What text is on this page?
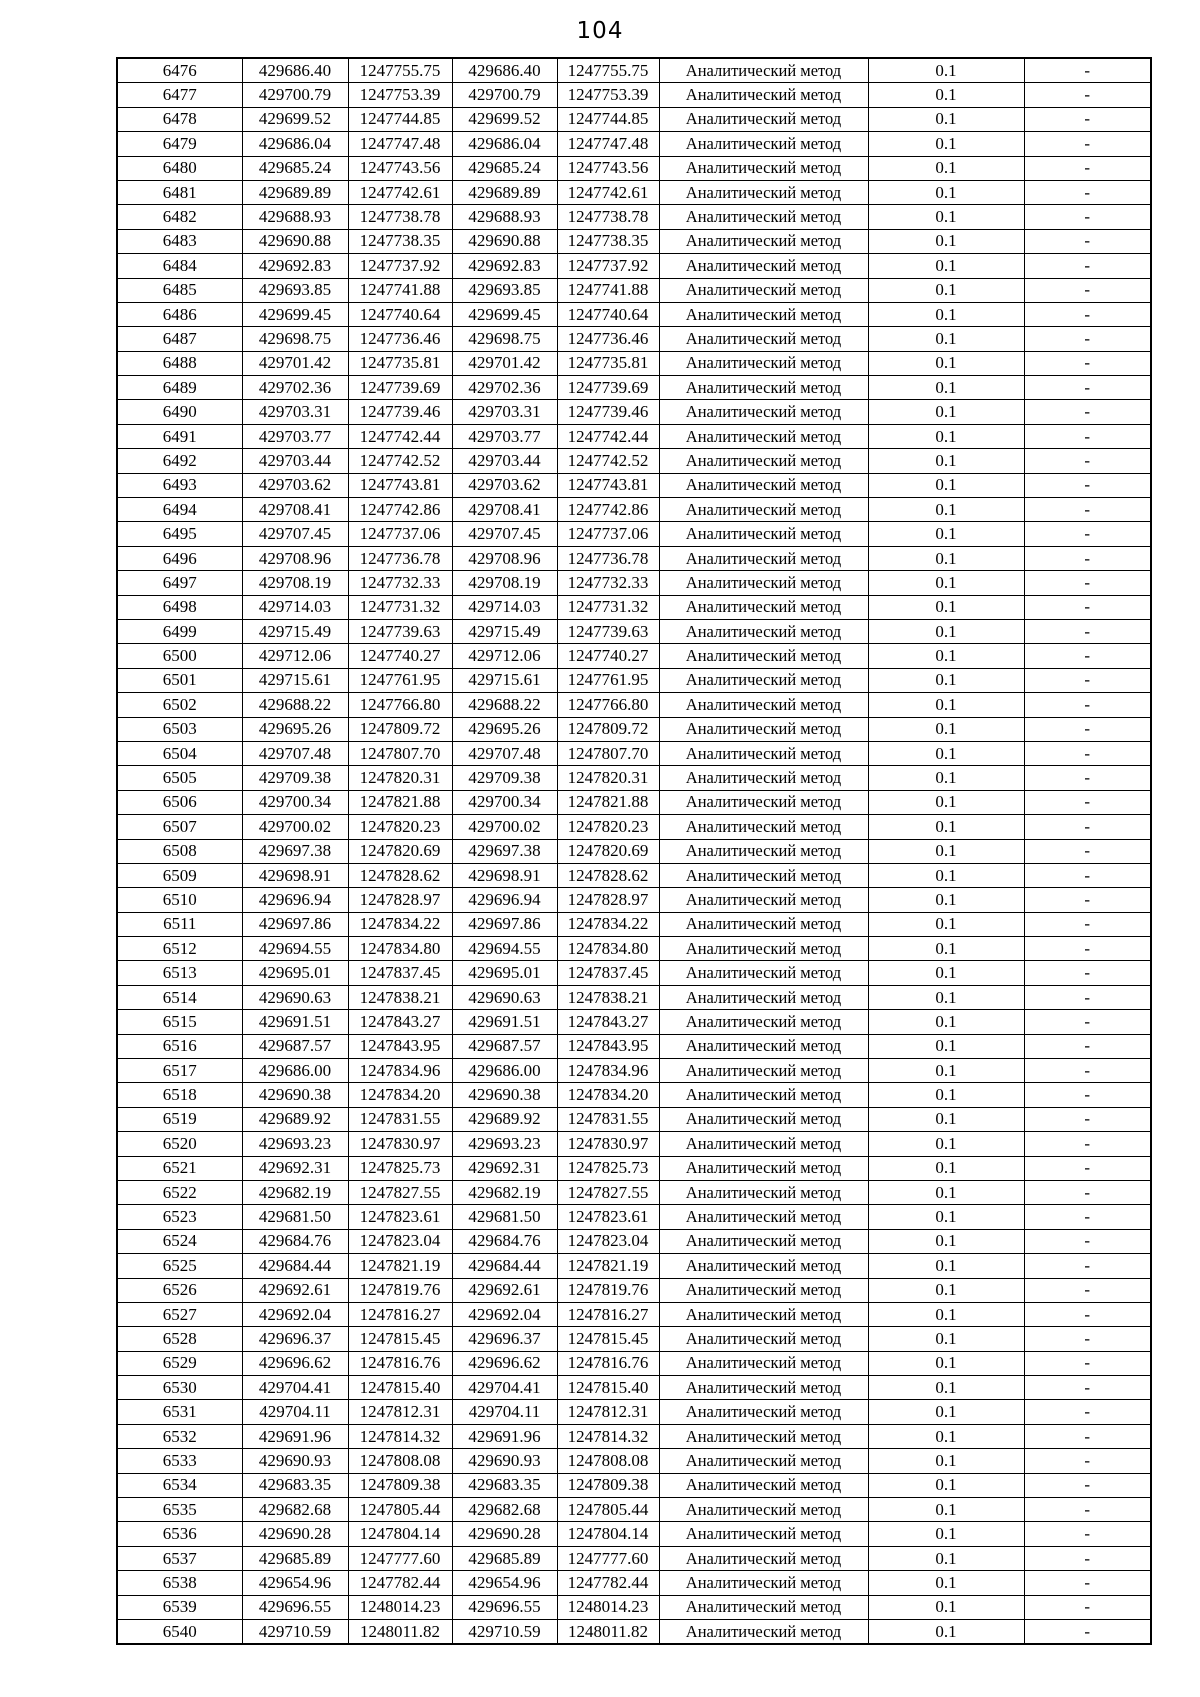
104
6476	429686.40	1247755.75	429686.40	1247755.75	Аналитический метод	0.1	-
6477	429700.79	1247753.39	429700.79	1247753.39	Аналитический метод	0.1	-
6478	429699.52	1247744.85	429699.52	1247744.85	Аналитический метод	0.1	-
6479	429686.04	1247747.48	429686.04	1247747.48	Аналитический метод	0.1	-
6480	429685.24	1247743.56	429685.24	1247743.56	Аналитический метод	0.1	-
6481	429689.89	1247742.61	429689.89	1247742.61	Аналитический метод	0.1	-
6482	429688.93	1247738.78	429688.93	1247738.78	Аналитический метод	0.1	-
6483	429690.88	1247738.35	429690.88	1247738.35	Аналитический метод	0.1	-
6484	429692.83	1247737.92	429692.83	1247737.92	Аналитический метод	0.1	-
6485	429693.85	1247741.88	429693.85	1247741.88	Аналитический метод	0.1	-
6486	429699.45	1247740.64	429699.45	1247740.64	Аналитический метод	0.1	-
6487	429698.75	1247736.46	429698.75	1247736.46	Аналитический метод	0.1	-
6488	429701.42	1247735.81	429701.42	1247735.81	Аналитический метод	0.1	-
6489	429702.36	1247739.69	429702.36	1247739.69	Аналитический метод	0.1	-
6490	429703.31	1247739.46	429703.31	1247739.46	Аналитический метод	0.1	-
6491	429703.77	1247742.44	429703.77	1247742.44	Аналитический метод	0.1	-
6492	429703.44	1247742.52	429703.44	1247742.52	Аналитический метод	0.1	-
6493	429703.62	1247743.81	429703.62	1247743.81	Аналитический метод	0.1	-
6494	429708.41	1247742.86	429708.41	1247742.86	Аналитический метод	0.1	-
6495	429707.45	1247737.06	429707.45	1247737.06	Аналитический метод	0.1	-
6496	429708.96	1247736.78	429708.96	1247736.78	Аналитический метод	0.1	-
6497	429708.19	1247732.33	429708.19	1247732.33	Аналитический метод	0.1	-
6498	429714.03	1247731.32	429714.03	1247731.32	Аналитический метод	0.1	-
6499	429715.49	1247739.63	429715.49	1247739.63	Аналитический метод	0.1	-
6500	429712.06	1247740.27	429712.06	1247740.27	Аналитический метод	0.1	-
6501	429715.61	1247761.95	429715.61	1247761.95	Аналитический метод	0.1	-
6502	429688.22	1247766.80	429688.22	1247766.80	Аналитический метод	0.1	-
6503	429695.26	1247809.72	429695.26	1247809.72	Аналитический метод	0.1	-
6504	429707.48	1247807.70	429707.48	1247807.70	Аналитический метод	0.1	-
6505	429709.38	1247820.31	429709.38	1247820.31	Аналитический метод	0.1	-
6506	429700.34	1247821.88	429700.34	1247821.88	Аналитический метод	0.1	-
6507	429700.02	1247820.23	429700.02	1247820.23	Аналитический метод	0.1	-
6508	429697.38	1247820.69	429697.38	1247820.69	Аналитический метод	0.1	-
6509	429698.91	1247828.62	429698.91	1247828.62	Аналитический метод	0.1	-
6510	429696.94	1247828.97	429696.94	1247828.97	Аналитический метод	0.1	-
6511	429697.86	1247834.22	429697.86	1247834.22	Аналитический метод	0.1	-
6512	429694.55	1247834.80	429694.55	1247834.80	Аналитический метод	0.1	-
6513	429695.01	1247837.45	429695.01	1247837.45	Аналитический метод	0.1	-
6514	429690.63	1247838.21	429690.63	1247838.21	Аналитический метод	0.1	-
6515	429691.51	1247843.27	429691.51	1247843.27	Аналитический метод	0.1	-
6516	429687.57	1247843.95	429687.57	1247843.95	Аналитический метод	0.1	-
6517	429686.00	1247834.96	429686.00	1247834.96	Аналитический метод	0.1	-
6518	429690.38	1247834.20	429690.38	1247834.20	Аналитический метод	0.1	-
6519	429689.92	1247831.55	429689.92	1247831.55	Аналитический метод	0.1	-
6520	429693.23	1247830.97	429693.23	1247830.97	Аналитический метод	0.1	-
6521	429692.31	1247825.73	429692.31	1247825.73	Аналитический метод	0.1	-
6522	429682.19	1247827.55	429682.19	1247827.55	Аналитический метод	0.1	-
6523	429681.50	1247823.61	429681.50	1247823.61	Аналитический метод	0.1	-
6524	429684.76	1247823.04	429684.76	1247823.04	Аналитический метод	0.1	-
6525	429684.44	1247821.19	429684.44	1247821.19	Аналитический метод	0.1	-
6526	429692.61	1247819.76	429692.61	1247819.76	Аналитический метод	0.1	-
6527	429692.04	1247816.27	429692.04	1247816.27	Аналитический метод	0.1	-
6528	429696.37	1247815.45	429696.37	1247815.45	Аналитический метод	0.1	-
6529	429696.62	1247816.76	429696.62	1247816.76	Аналитический метод	0.1	-
6530	429704.41	1247815.40	429704.41	1247815.40	Аналитический метод	0.1	-
6531	429704.11	1247812.31	429704.11	1247812.31	Аналитический метод	0.1	-
6532	429691.96	1247814.32	429691.96	1247814.32	Аналитический метод	0.1	-
6533	429690.93	1247808.08	429690.93	1247808.08	Аналитический метод	0.1	-
6534	429683.35	1247809.38	429683.35	1247809.38	Аналитический метод	0.1	-
6535	429682.68	1247805.44	429682.68	1247805.44	Аналитический метод	0.1	-
6536	429690.28	1247804.14	429690.28	1247804.14	Аналитический метод	0.1	-
6537	429685.89	1247777.60	429685.89	1247777.60	Аналитический метод	0.1	-
6538	429654.96	1247782.44	429654.96	1247782.44	Аналитический метод	0.1	-
6539	429696.55	1248014.23	429696.55	1248014.23	Аналитический метод	0.1	-
6540	429710.59	1248011.82	429710.59	1248011.82	Аналитический метод	0.1	-
